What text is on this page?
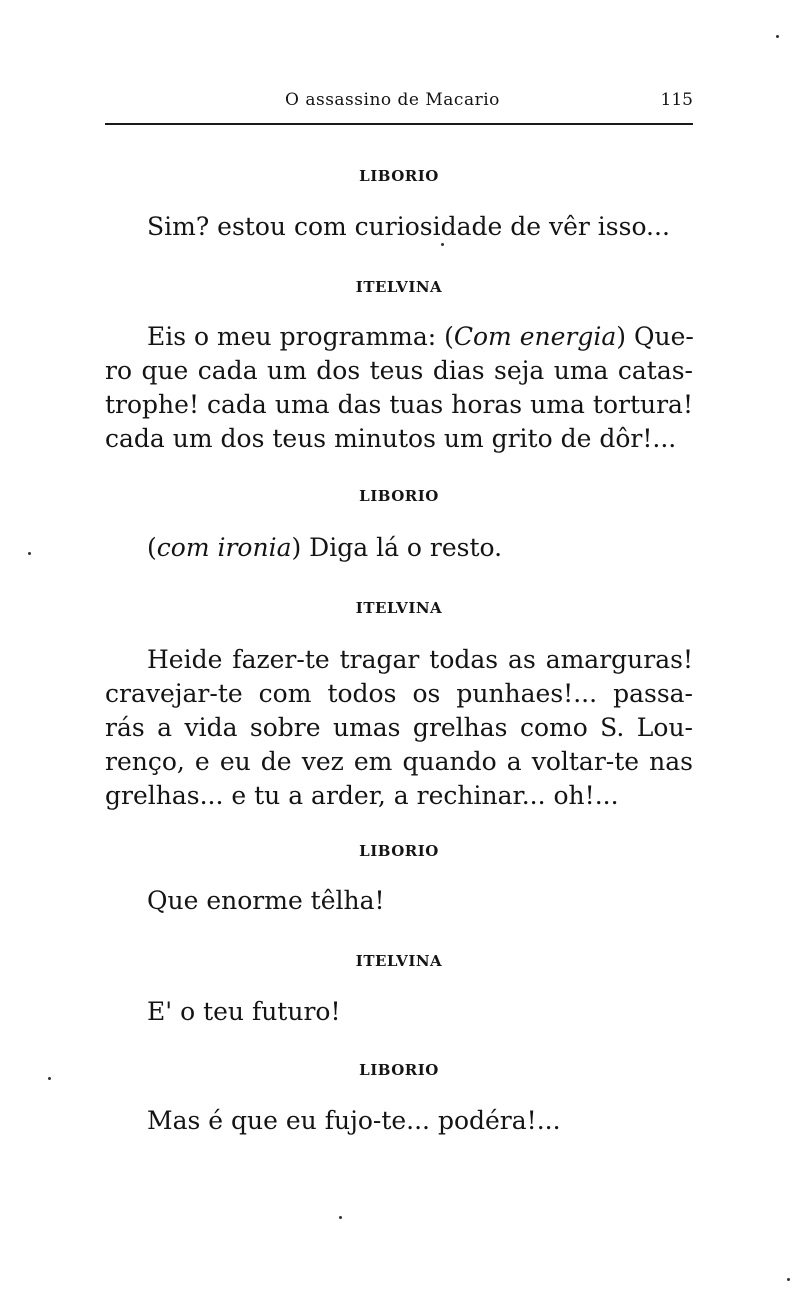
O assassino de Macario	115
LIBORIO
Sim? estou com curiosidade de vêr isso...
ITELVINA
Eis o meu programma: (Com energia) Que-
ro que cada um dos teus dias seja uma catas-
trophe! cada uma das tuas horas uma tortura!
cada um dos teus minutos um grito de dôr!...
LIBORIO
(com ironia) Diga lá o resto.
ITELVINA
Heide fazer-te tragar todas as amarguras!
cravejar-te com todos os punhaes!... passa-
rás a vida sobre umas grelhas como S. Lou-
renço, e eu de vez em quando a voltar-te nas
grelhas... e tu a arder, a rechinar... oh!...
LIBORIO
Que enorme têlha!
ITELVINA
E' o teu futuro!
LIBORIO
Mas é que eu fujo-te... podéra!...
